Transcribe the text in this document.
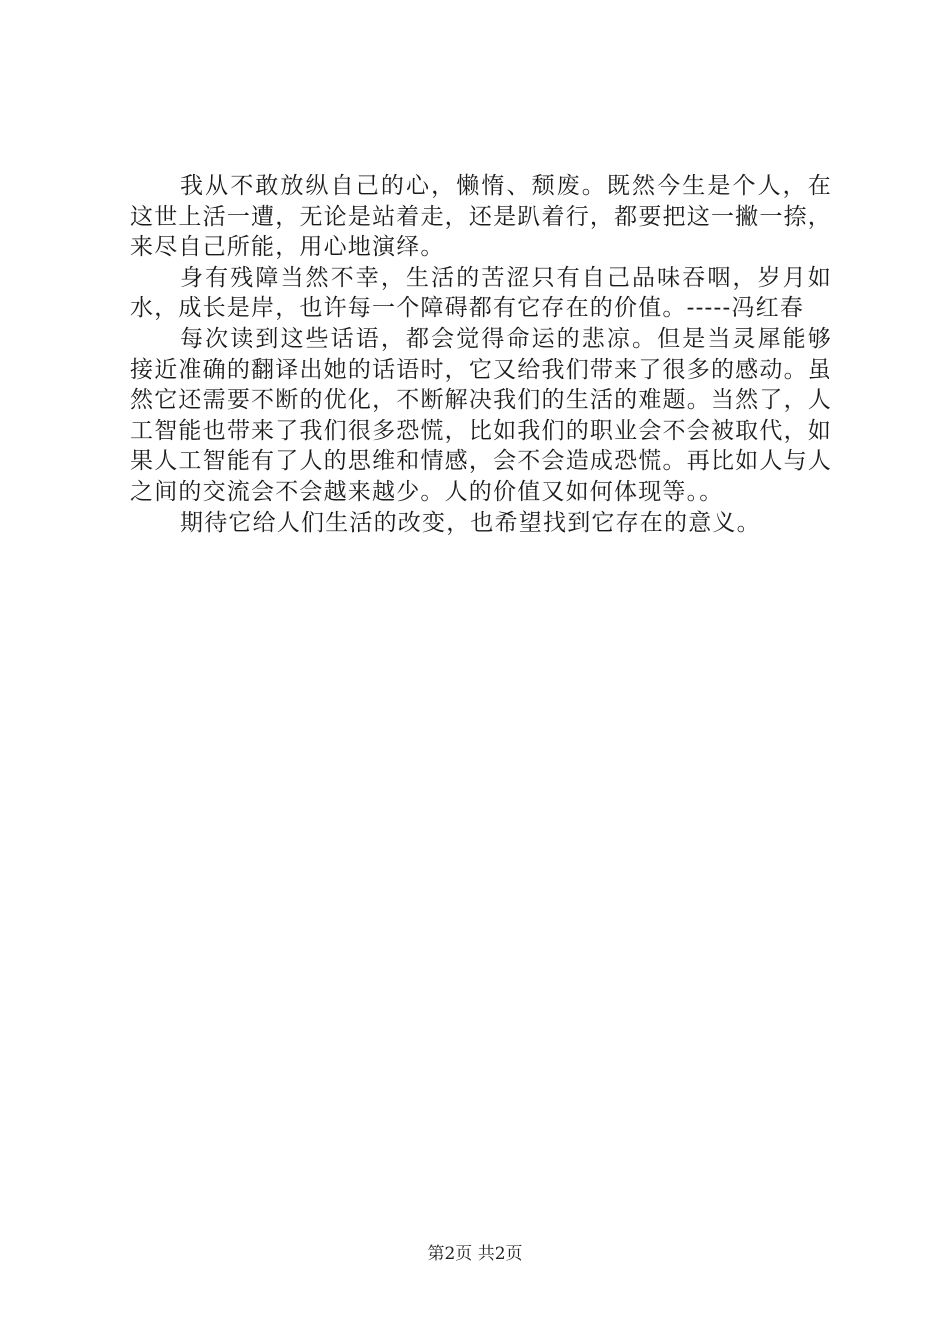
我从不敢放纵自己的心，懒惰、颓废。既然今生是个人，在这世上活一遭，无论是站着走，还是趴着行，都要把这一撇一捺，来尽自己所能，用心地演绎。

身有残障当然不幸，生活的苦涩只有自己品味吞咽，岁月如水，成长是岸，也许每一个障碍都有它存在的价值。-----冯红春

每次读到这些话语，都会觉得命运的悲凉。但是当灵犀能够接近准确的翻译出她的话语时，它又给我们带来了很多的感动。虽然它还需要不断的优化，不断解决我们的生活的难题。当然了，人工智能也带来了我们很多恐慌，比如我们的职业会不会被取代，如果人工智能有了人的思维和情感，会不会造成恐慌。再比如人与人之间的交流会不会越来越少。人的价值又如何体现等。。

期待它给人们生活的改变，也希望找到它存在的意义。

第2页 共2页
